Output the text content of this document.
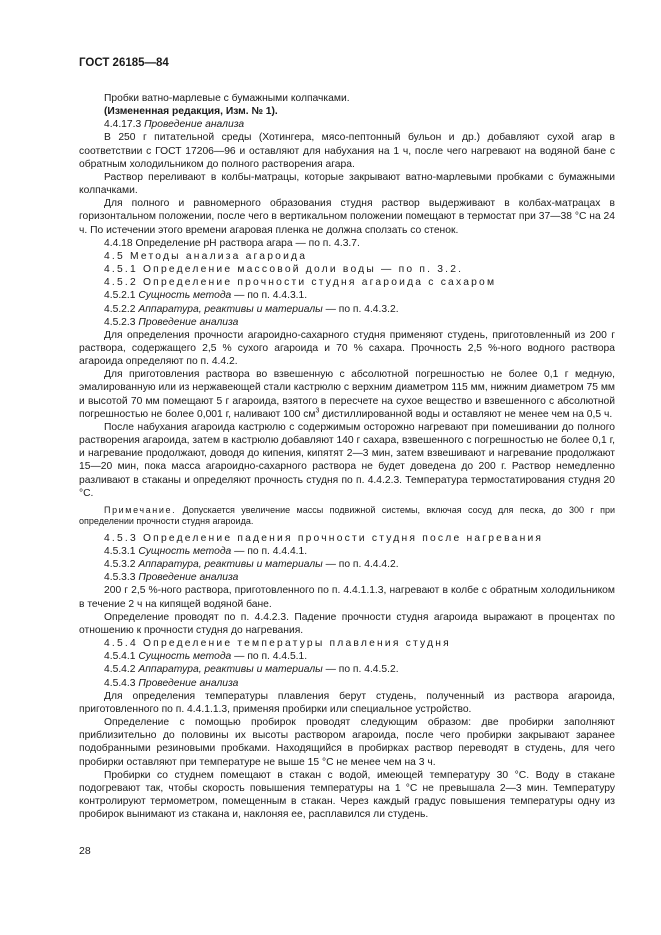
ГОСТ 26185—84

Пробки ватно-марлевые с бумажными колпачками.

(Измененная редакция, Изм. № 1).

4.4.17.3 Проведение анализа

В 250 г питательной среды (Хотингера, мясо-пептонный бульон и др.) добавляют сухой агар в соответствии с ГОСТ 17206—96 и оставляют для набухания на 1 ч, после чего нагревают на водяной бане с обратным холодильником до полного растворения агара.

Раствор переливают в колбы-матрацы, которые закрывают ватно-марлевыми пробками с бумажными колпачками.

Для полного и равномерного образования студня раствор выдерживают в колбах-матрацах в горизонтальном положении, после чего в вертикальном положении помещают в термостат при 37—38 °С на 24 ч. По истечении этого времени агаровая пленка не должна сползать со стенок.

4.4.18 Определение pH раствора агара — по п. 4.3.7.

4.5 Методы анализа агароида

4.5.1 Определение массовой доли воды — по п. 3.2.

4.5.2 Определение прочности студня агароида с сахаром

4.5.2.1 Сущность метода — по п. 4.4.3.1.

4.5.2.2 Аппаратура, реактивы и материалы — по п. 4.4.3.2.

4.5.2.3 Проведение анализа

Для определения прочности агароидно-сахарного студня применяют студень, приготовленный из 200 г раствора, содержащего 2,5 % сухого агароида и 70 % сахара. Прочность 2,5 %-ного водного раствора агароида определяют по п. 4.4.2.

Для приготовления раствора во взвешенную с абсолютной погрешностью не более 0,1 г медную, эмалированную или из нержавеющей стали кастрюлю с верхним диаметром 115 мм, нижним диаметром 75 мм и высотой 70 мм помещают 5 г агароида, взятого в пересчете на сухое вещество и взвешенного с абсолютной погрешностью не более 0,001 г, наливают 100 $см^3$ дистиллированной воды и оставляют не менее чем на 0,5 ч.

После набухания агароида кастрюлю с содержимым осторожно нагревают при помешивании до полного растворения агароида, затем в кастрюлю добавляют 140 г сахара, взвешенного с погрешностью не более 0,1 г, и нагревание продолжают, доводя до кипения, кипятят 2—3 мин, затем взвешивают и нагревание продолжают 15—20 мин, пока масса агароидно-сахарного раствора не будет доведена до 200 г. Раствор немедленно разливают в стаканы и определяют прочность студня по п. 4.4.2.3. Температура термостатирования студня 20 °С.

Примечание. Допускается увеличение массы подвижной системы, включая сосуд для песка, до 300 г при определении прочности студня агароида.

4.5.3 Определение падения прочности студня после нагревания

4.5.3.1 Сущность метода — по п. 4.4.4.1.

4.5.3.2 Аппаратура, реактивы и материалы — по п. 4.4.4.2.

4.5.3.3 Проведение анализа

200 г 2,5 %-ного раствора, приготовленного по п. 4.4.1.1.3, нагревают в колбе с обратным холодильником в течение 2 ч на кипящей водяной бане.

Определение проводят по п. 4.4.2.3. Падение прочности студня агароида выражают в процентах по отношению к прочности студня до нагревания.

4.5.4 Определение температуры плавления студня

4.5.4.1 Сущность метода — по п. 4.4.5.1.

4.5.4.2 Аппаратура, реактивы и материалы — по п. 4.4.5.2.

4.5.4.3 Проведение анализа

Для определения температуры плавления берут студень, полученный из раствора агароида, приготовленного по п. 4.4.1.1.3, применяя пробирки или специальное устройство.

Определение с помощью пробирок проводят следующим образом: две пробирки заполняют приблизительно до половины их высоты раствором агароида, после чего пробирки закрывают заранее подобранными резиновыми пробками. Находящийся в пробирках раствор переводят в студень, для чего пробирки оставляют при температуре не выше 15 °С не менее чем на 3 ч.

Пробирки со студнем помещают в стакан с водой, имеющей температуру 30 °С. Воду в стакане подогревают так, чтобы скорость повышения температуры на 1 °С не превышала 2—3 мин. Температуру контролируют термометром, помещенным в стакан. Через каждый градус повышения температуры одну из пробирок вынимают из стакана и, наклоняя ее, расплавился ли студень.

28
